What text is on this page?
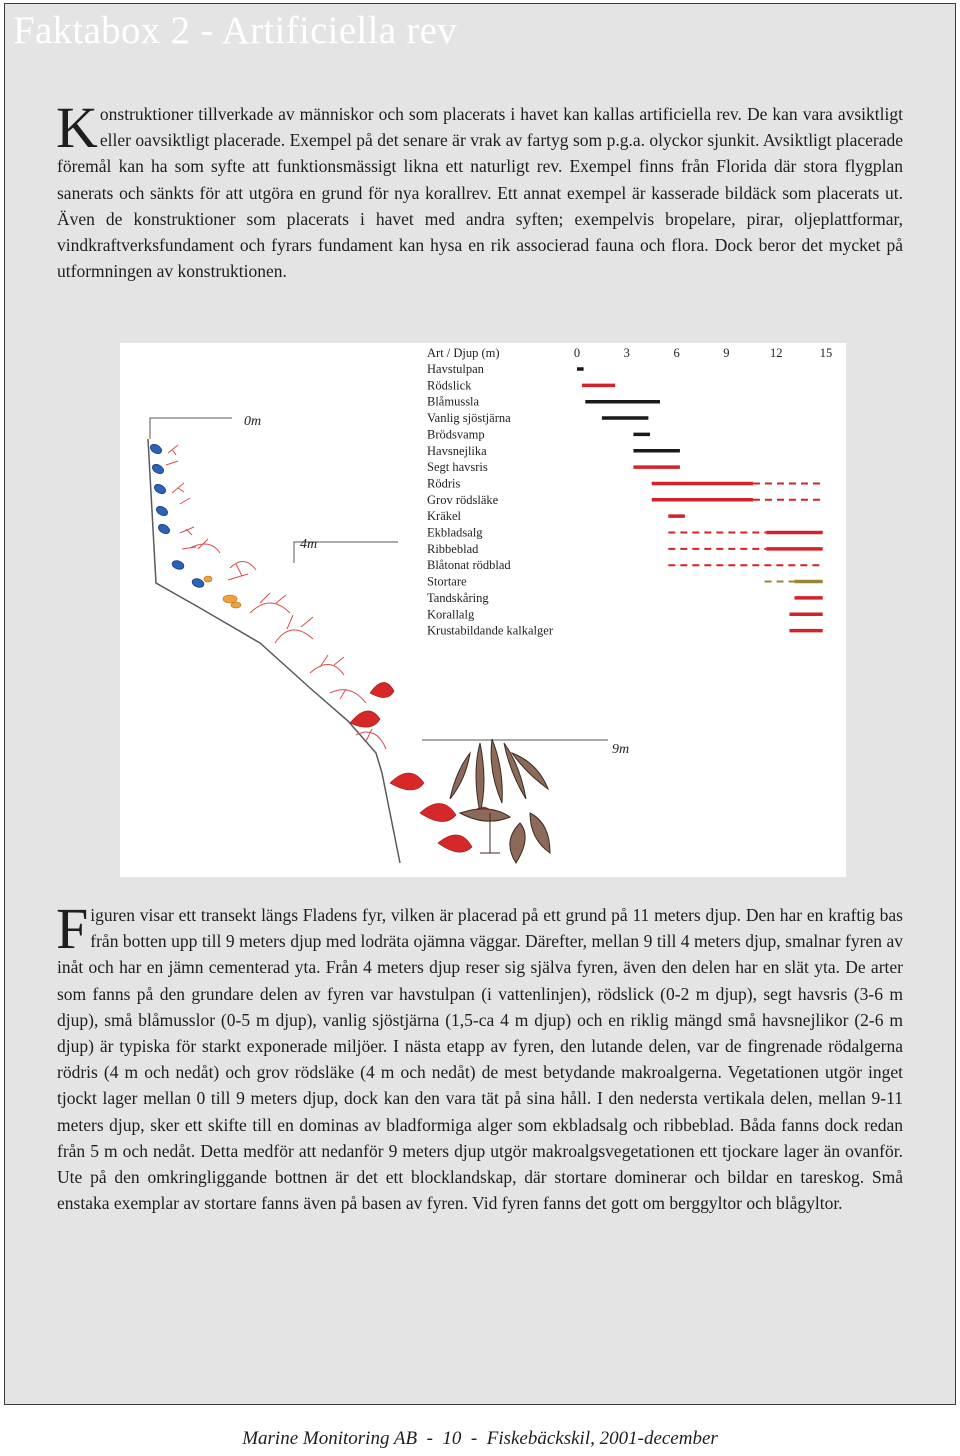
Faktabox 2 - Artificiella rev

Konstruktioner tillverkade av människor och som placerats i havet kan kallas artificiella rev. De kan vara avsiktligt eller oavsiktligt placerade. Exempel på det senare är vrak av fartyg som p.g.a. olyckor sjunkit. Avsiktligt placerade föremål kan ha som syfte att funktionsmässigt likna ett naturligt rev. Exempel finns från Florida där stora flygplan sanerats och sänkts för att utgöra en grund för nya korallrev. Ett annat exempel är kasserade bildäck som placerats ut. Även de konstruktioner som placerats i havet med andra syften; exempelvis bropelare, pirar, oljeplattformar, vindkraftverksfundament och fyrars fundament kan hysa en rik associerad fauna och flora. Dock beror det mycket på utformningen av konstruktionen.

0m
4m
9m
Art / Djup (m)	0	3	6	9	12	15
Havstulpan
Rödslick
Blåmussla
Vanlig sjöstjärna
Brödsvamp
Havsnejlika
Segt havsris
Rödris
Grov rödsläke
Kräkel
Ekbladsalg
Ribbeblad
Blåtonat rödblad
Stortare
Tandskåring
Korallalg
Krustabildande kalkalger

Figuren visar ett transekt längs Fladens fyr, vilken är placerad på ett grund på 11 meters djup. Den har en kraftig bas från botten upp till 9 meters djup med lodräta ojämna väggar. Därefter, mellan 9 till 4 meters djup, smalnar fyren av inåt och har en jämn cementerad yta. Från 4 meters djup reser sig själva fyren, även den delen har en slät yta. De arter som fanns på den grundare delen av fyren var havstulpan (i vattenlinjen), rödslick (0-2 m djup), segt havsris (3-6 m djup), små blåmusslor (0-5 m djup), vanlig sjöstjärna (1,5-ca 4 m djup) och en riklig mängd små havsnejlikor (2-6 m djup) är typiska för starkt exponerade miljöer. I nästa etapp av fyren, den lutande delen, var de fingrenade rödalgerna rödris (4 m och nedåt) och grov rödsläke (4 m och nedåt) de mest betydande makroalgerna. Vegetationen utgör inget tjockt lager mellan 0 till 9 meters djup, dock kan den vara tät på sina håll. I den nedersta vertikala delen, mellan 9-11 meters djup, sker ett skifte till en dominas av bladformiga alger som ekbladsalg och ribbeblad. Båda fanns dock redan från 5 m och nedåt. Detta medför att nedanför 9 meters djup utgör makroalgsvegetationen ett tjockare lager än ovanför. Ute på den omkringliggande bottnen är det ett blocklandskap, där stortare dominerar och bildar en tareskog. Små enstaka exemplar av stortare fanns även på basen av fyren. Vid fyren fanns det gott om berggyltor och blågyltor.

Marine Monitoring AB  -  10  -  Fiskebäckskil, 2001-december
